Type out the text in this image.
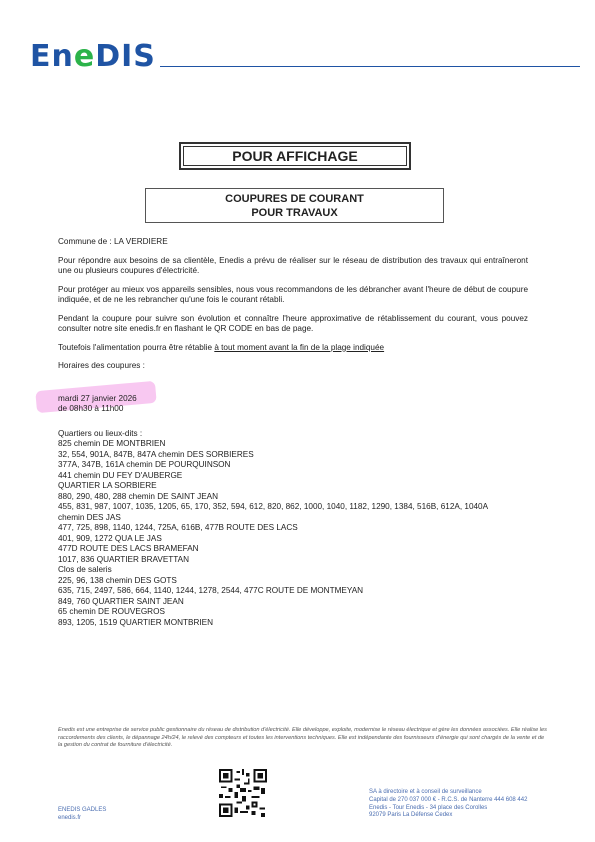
EneDIS
POUR AFFICHAGE
COUPURES DE COURANT
POUR TRAVAUX

Commune de : LA VERDIERE

Pour répondre aux besoins de sa clientèle, Enedis a prévu de réaliser sur le réseau de distribution des travaux qui entraîneront une ou plusieurs coupures d'électricité.

Pour protéger au mieux vos appareils sensibles, nous vous recommandons de les débrancher avant l'heure de début de coupure indiquée, et de ne les rebrancher qu'une fois le courant rétabli.

Pendant la coupure pour suivre son évolution et connaître l'heure approximative de rétablissement du courant, vous pouvez consulter notre site enedis.fr en flashant le QR CODE en bas de page.

Toutefois l'alimentation pourra être rétablie à tout moment avant la fin de la plage indiquée

Horaires des coupures :

mardi 27 janvier 2026
de 08h30 à 11h00
Quartiers ou lieux-dits :
825 chemin DE MONTBRIEN
32, 554, 901A, 847B, 847A chemin DES SORBIERES
377A, 347B, 161A chemin DE POURQUINSON
441 chemin DU FEY D'AUBERGE
QUARTIER LA SORBIERE
880, 290, 480, 288 chemin DE SAINT JEAN
455, 831, 987, 1007, 1035, 1205, 65, 170, 352, 594, 612, 820, 862, 1000, 1040, 1182, 1290, 1384, 516B, 612A, 1040A
chemin DES JAS
477, 725, 898, 1140, 1244, 725A, 616B, 477B ROUTE DES LACS
401, 909, 1272 QUA LE JAS
477D ROUTE DES LACS BRAMEFAN
1017, 836 QUARTIER BRAVETTAN
Clos de saleris
225, 96, 138 chemin DES GOTS
635, 715, 2497, 586, 664, 1140, 1244, 1278, 2544, 477C ROUTE DE MONTMEYAN
849, 760 QUARTIER SAINT JEAN
65 chemin DE ROUVEGROS
893, 1205, 1519 QUARTIER MONTBRIEN
Enedis est une entreprise de service public gestionnaire du réseau de distribution d'électricité. Elle développe, exploite, modernise le réseau électrique et gère les données associées. Elle réalise les raccordements des clients, le dépannage 24h/24, le relevé des compteurs et toutes les interventions techniques. Elle est indépendante des fournisseurs d'énergie qui sont chargés de la vente et de la gestion du contrat de fourniture d'électricité.
ENEDIS GADLES
enedis.fr
SA à directoire et à conseil de surveillance
Capital de 270 037 000 € - R.C.S. de Nanterre 444 608 442
Enedis - Tour Enedis - 34 place des Corolles
92079 Paris La Défense Cedex
